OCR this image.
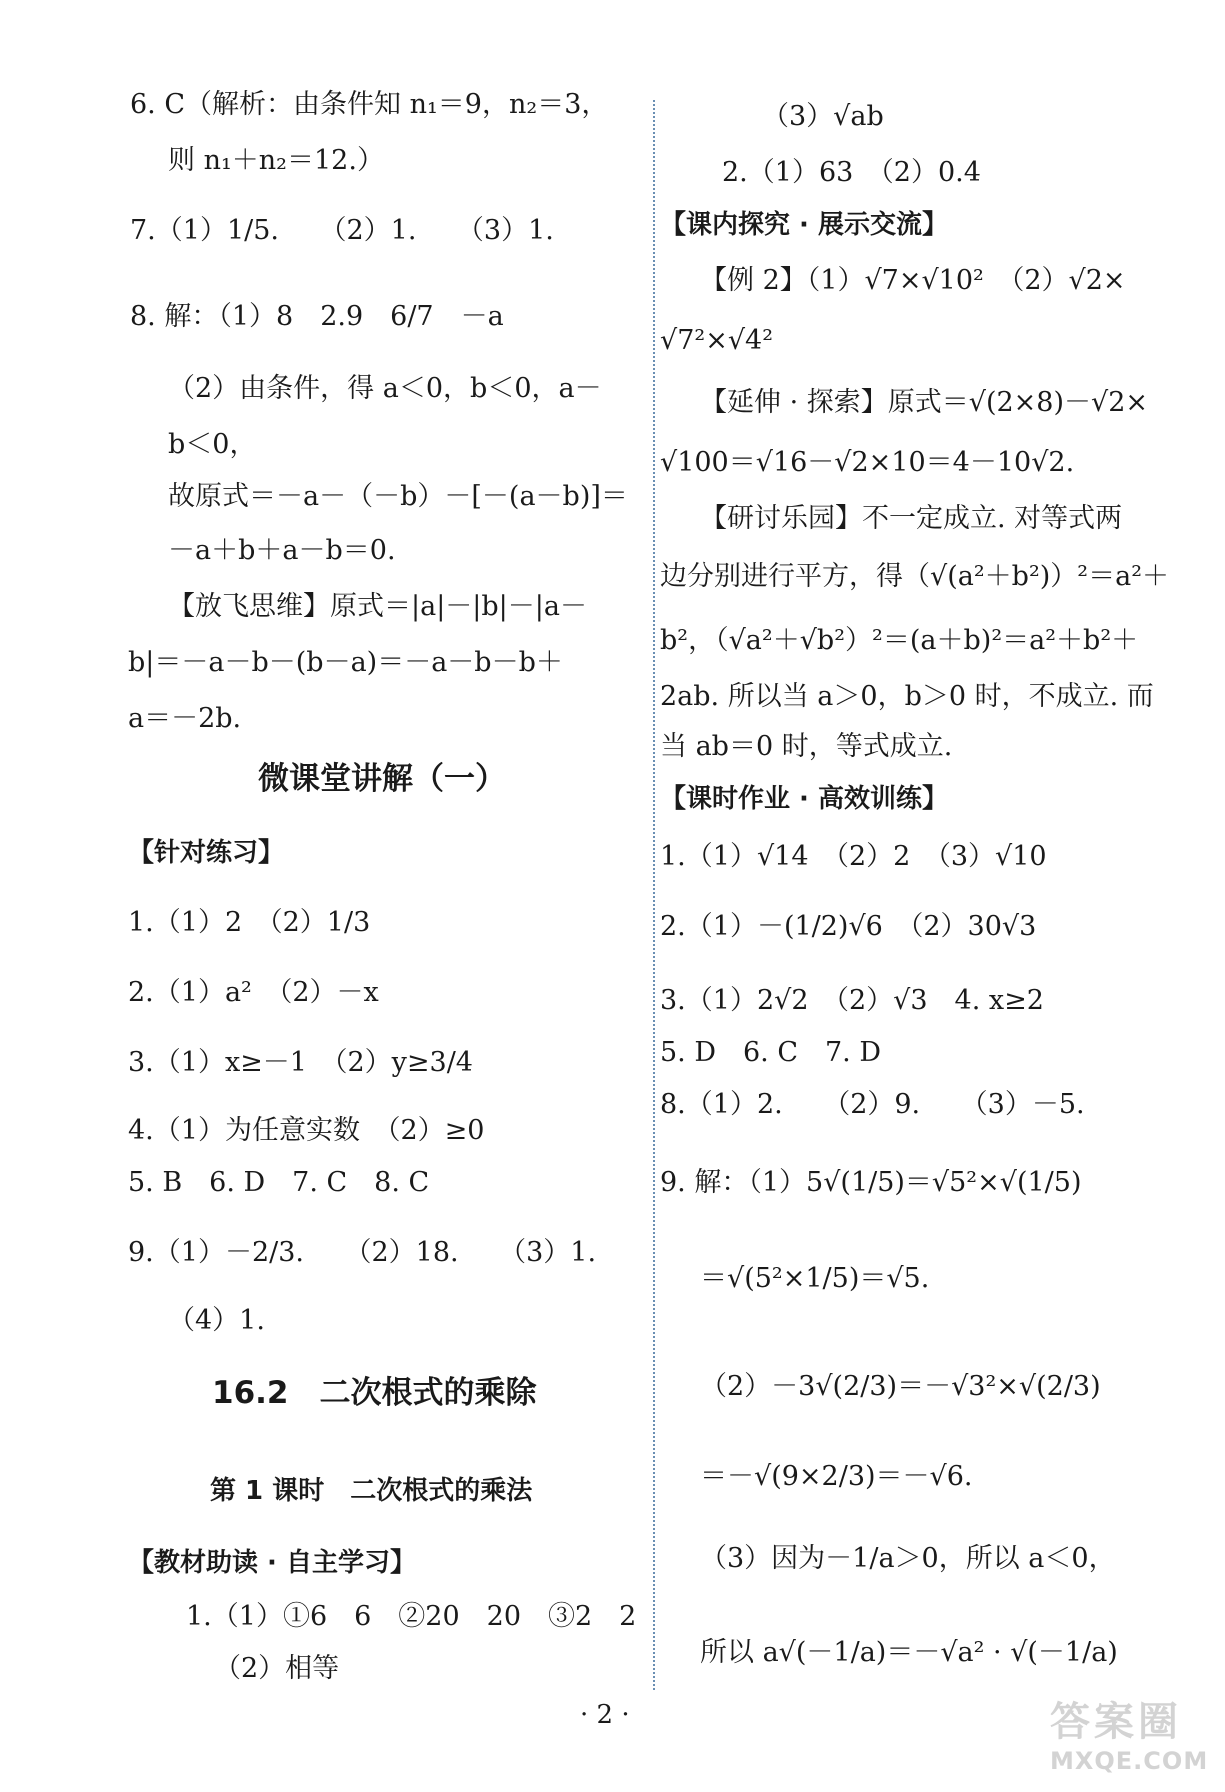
6. C（解析：由条件知 n₁＝9，n₂＝3，
则 n₁＋n₂＝12.）
7.（1）1/5.　　（2）1.　　（3）1.
8. 解：（1）8　2.9　6/7　－a
（2）由条件，得 a＜0，b＜0，a－
b＜0，
故原式＝－a－（－b）－[－(a－b)]＝
－a＋b＋a－b＝0.
【放飞思维】原式＝|a|－|b|－|a－
b|＝－a－b－(b－a)＝－a－b－b＋
a＝－2b.
微课堂讲解（一）
【针对练习】
1.（1）2　（2）1/3
2.（1）a²　（2）－x
3.（1）x≥－1　（2）y≥3/4
4.（1）为任意实数　（2）≥0
5. B　6. D　7. C　8. C
9.（1）－2/3.　　（2）18.　　（3）1.
（4）1.
16.2　二次根式的乘除
第 1 课时　二次根式的乘法
【教材助读 · 自主学习】
1.（1）①6　6　②20　20　③2　2
（2）相等
（3）√ab
2.（1）63　（2）0.4
【课内探究 · 展示交流】
【例 2】（1）√7×√10²　（2）√2×
√7²×√4²
【延伸 · 探索】原式＝√(2×8)－√2×
√100＝√16－√2×10＝4－10√2.
【研讨乐园】不一定成立. 对等式两
边分别进行平方，得（√(a²＋b²)）²＝a²＋
b²，（√a²＋√b²）²＝(a＋b)²＝a²＋b²＋
2ab. 所以当 a＞0，b＞0 时，不成立. 而
当 ab＝0 时，等式成立.
【课时作业 · 高效训练】
1.（1）√14　（2）2　（3）√10
2.（1）－(1/2)√6　（2）30√3
3.（1）2√2　（2）√3　4. x≥2
5. D　6. C　7. D
8.（1）2.　　（2）9.　　（3）－5.
9. 解：（1）5√(1/5)＝√5²×√(1/5)
＝√(5²×1/5)＝√5.
（2）－3√(2/3)＝－√3²×√(2/3)
＝－√(9×2/3)＝－√6.
（3）因为－1/a＞0，所以 a＜0，
所以 a√(－1/a)＝－√a² · √(－1/a)
· 2 ·	答案圈
MXQE.COM
